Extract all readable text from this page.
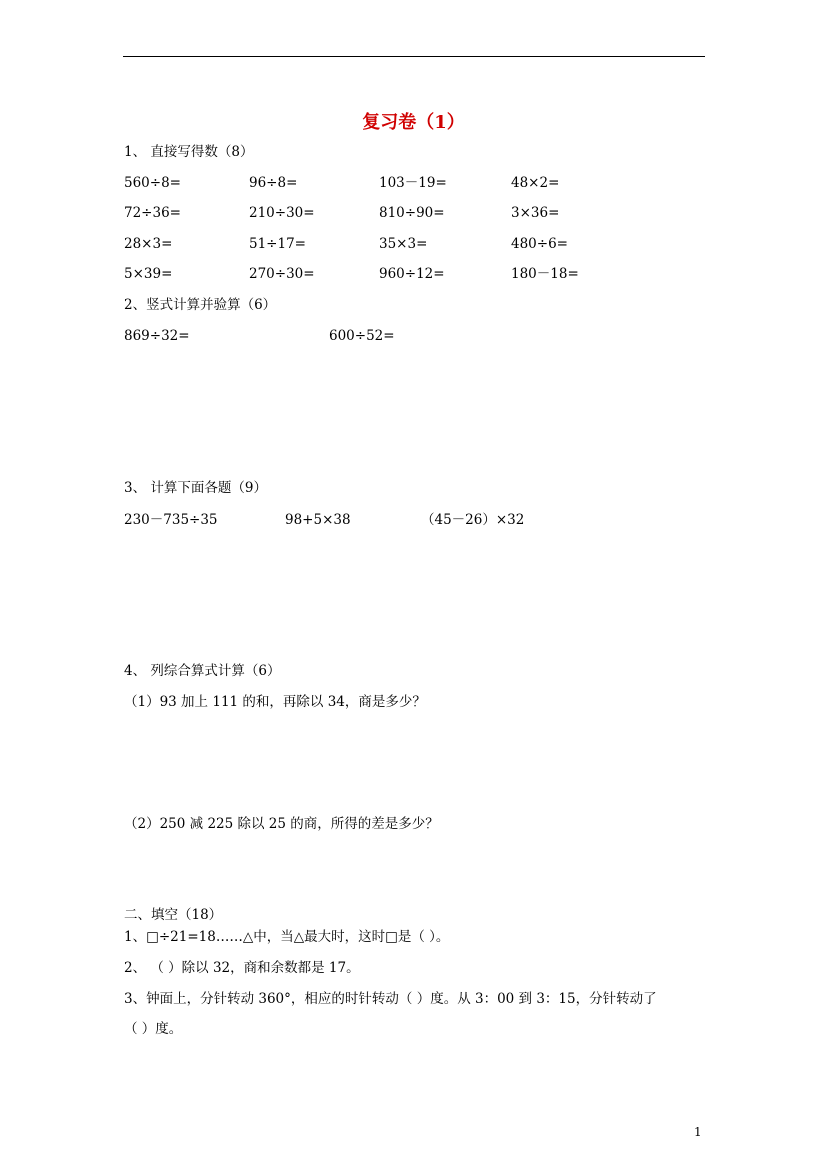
复习卷（1）
1、 直接写得数（8）
560÷8=	96÷8=	103－19=	48×2=
72÷36=	210÷30=	810÷90=	3×36=
28×3=	51÷17=	35×3=	480÷6=
5×39=	270÷30=	960÷12=	180－18=
2、竖式计算并验算（6）
869÷32=	600÷52=
3、 计算下面各题（9）
230－735÷35	98+5×38	（45－26）×32
4、 列综合算式计算（6）
（1）93 加上 111 的和，再除以 34，商是多少？
（2）250 减 225 除以 25 的商，所得的差是多少？
二、填空（18）
1、□÷21=18……△中，当△最大时，这时□是（ ）。
2、 （ ）除以 32，商和余数都是 17。
3、钟面上，分针转动 360°，相应的时针转动（ ）度。从 3：00 到 3：15，分针转动了
（ ）度。
1
